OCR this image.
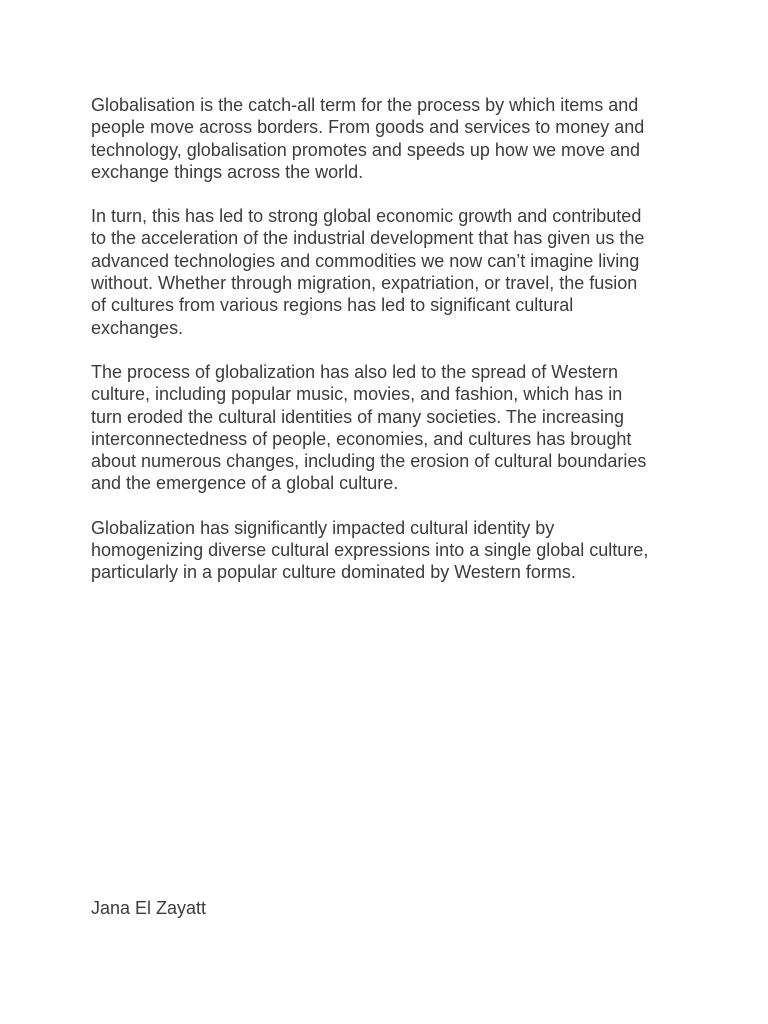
Globalisation is the catch-all term for the process by which items and
people move across borders. From goods and services to money and
technology, globalisation promotes and speeds up how we move and
exchange things across the world.

In turn, this has led to strong global economic growth and contributed
to the acceleration of the industrial development that has given us the
advanced technologies and commodities we now can’t imagine living
without. Whether through migration, expatriation, or travel, the fusion
of cultures from various regions has led to significant cultural
exchanges.

The process of globalization has also led to the spread of Western
culture, including popular music, movies, and fashion, which has in
turn eroded the cultural identities of many societies. The increasing
interconnectedness of people, economies, and cultures has brought
about numerous changes, including the erosion of cultural boundaries
and the emergence of a global culture.

Globalization has significantly impacted cultural identity by
homogenizing diverse cultural expressions into a single global culture,
particularly in a popular culture dominated by Western forms.

Jana El Zayatt
